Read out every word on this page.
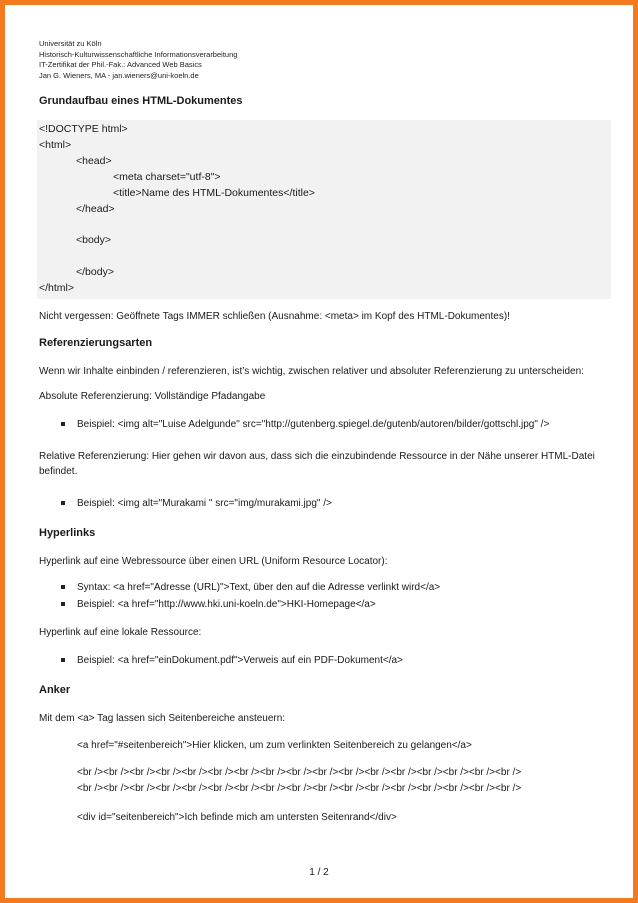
Universität zu Köln
Historisch-Kulturwissenschaftliche Informationsverarbeitung
IT-Zertifikat der Phil.-Fak.: Advanced Web Basics
Jan G. Wieners, MA - jan.wieners@uni-koeln.de
Grundaufbau eines HTML-Dokumentes
<!DOCTYPE html>
<html>
<head>
<meta charset="utf-8">
<title>Name des HTML-Dokumentes</title>
</head>

<body>

</body>
</html>

Nicht vergessen: Geöffnete Tags IMMER schließen (Ausnahme: <meta> im Kopf des HTML-Dokumentes)!

Referenzierungsarten

Wenn wir Inhalte einbinden / referenzieren, ist’s wichtig, zwischen relativer und absoluter Referenzierung zu unterscheiden:

Absolute Referenzierung: Vollständige Pfadangabe

Beispiel: <img alt="Luise Adelgunde" src="http://gutenberg.spiegel.de/gutenb/autoren/bilder/gottschl.jpg" />

Relative Referenzierung: Hier gehen wir davon aus, dass sich die einzubindende Ressource in der Nähe unserer HTML-Datei befindet.

Beispiel: <img alt="Murakami " src="img/murakami.jpg" />
Hyperlinks

Hyperlink auf eine Webressource über einen URL (Uniform Resource Locator):

Syntax: <a href="Adresse (URL)">Text, über den auf die Adresse verlinkt wird</a>
Beispiel: <a href="http://www.hki.uni-koeln.de">HKI-Homepage</a>

Hyperlink auf eine lokale Ressource:

Beispiel: <a href="einDokument.pdf">Verweis auf ein PDF-Dokument</a>
Anker

Mit dem <a> Tag lassen sich Seitenbereiche ansteuern:

<a href="#seitenbereich">Hier klicken, um zum verlinkten Seitenbereich zu gelangen</a>
<br /><br /><br /><br /><br /><br /><br /><br /><br /><br /><br /><br /><br /><br /><br /><br /><br />
<br /><br /><br /><br /><br /><br /><br /><br /><br /><br /><br /><br /><br /><br /><br /><br /><br />
<div id="seitenbereich">Ich befinde mich am untersten Seitenrand</div>
1 / 2
